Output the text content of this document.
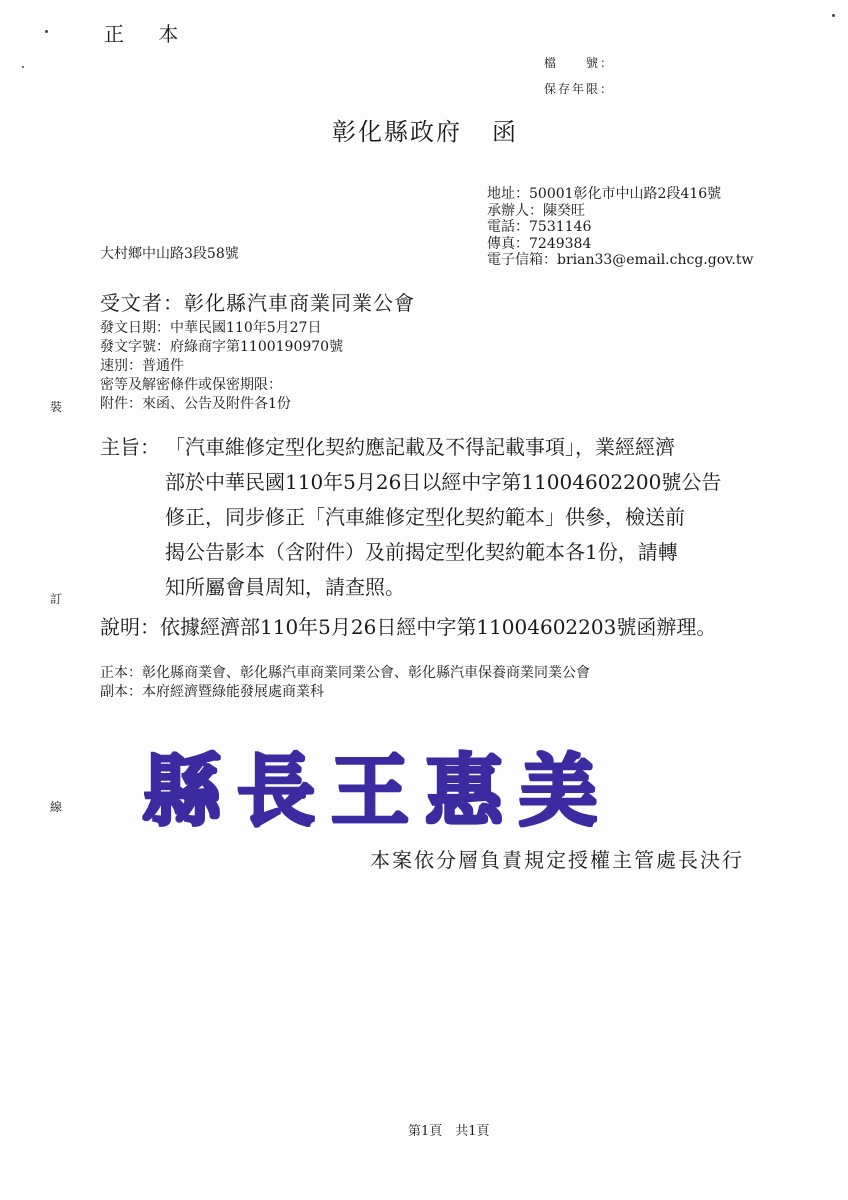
正 本
檔　　號：
保存年限：
彰化縣政府 函
地址：50001彰化市中山路2段416號
承辦人：陳癸旺
電話：7531146
傳真：7249384
電子信箱：brian33@email.chcg.gov.tw
大村鄉中山路3段58號
受文者：彰化縣汽車商業同業公會
發文日期：中華民國110年5月27日
發文字號：府綠商字第1100190970號
速別：普通件
密等及解密條件或保密期限：
附件：來函、公告及附件各1份
裝
訂
線
主旨： 「汽車維修定型化契約應記載及不得記載事項」，業經經濟
部於中華民國110年5月26日以經中字第11004602200號公告
修正，同步修正「汽車維修定型化契約範本」供參，檢送前
揭公告影本（含附件）及前揭定型化契約範本各1份，請轉
知所屬會員周知，請查照。
說明：依據經濟部110年5月26日經中字第11004602203號函辦理。
正本：彰化縣商業會、彰化縣汽車商業同業公會、彰化縣汽車保養商業同業公會
副本：本府經濟暨綠能發展處商業科
縣長王惠美
本案依分層負責規定授權主管處長決行
第1頁　共1頁
